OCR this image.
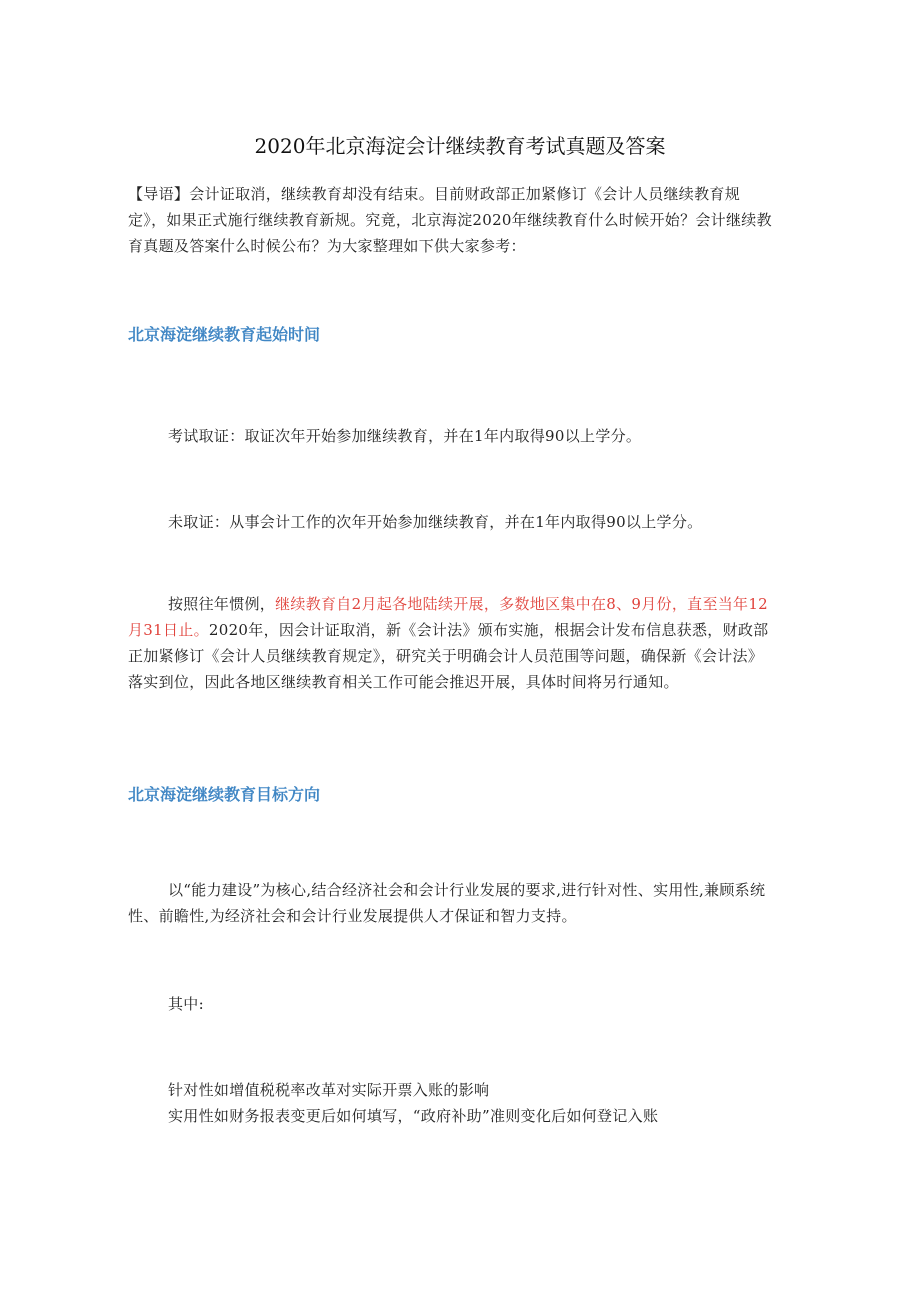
2020年北京海淀会计继续教育考试真题及答案

【导语】会计证取消，继续教育却没有结束。目前财政部正加紧修订《会计人员继续教育规定》，如果正式施行继续教育新规。究竟，北京海淀2020年继续教育什么时候开始？会计继续教育真题及答案什么时候公布？为大家整理如下供大家参考：

北京海淀继续教育起始时间

考试取证：取证次年开始参加继续教育，并在1年内取得90以上学分。

未取证：从事会计工作的次年开始参加继续教育，并在1年内取得90以上学分。

按照往年惯例，继续教育自2月起各地陆续开展，多数地区集中在8、9月份，直至当年12月31日止。2020年，因会计证取消，新《会计法》颁布实施，根据会计发布信息获悉，财政部正加紧修订《会计人员继续教育规定》，研究关于明确会计人员范围等问题，确保新《会计法》落实到位，因此各地区继续教育相关工作可能会推迟开展，具体时间将另行通知。

北京海淀继续教育目标方向

以“能力建设”为核心,结合经济社会和会计行业发展的要求,进行针对性、实用性,兼顾系统性、前瞻性,为经济社会和会计行业发展提供人才保证和智力支持。

其中:

针对性如增值税税率改革对实际开票入账的影响

实用性如财务报表变更后如何填写，“政府补助”准则变化后如何登记入账
